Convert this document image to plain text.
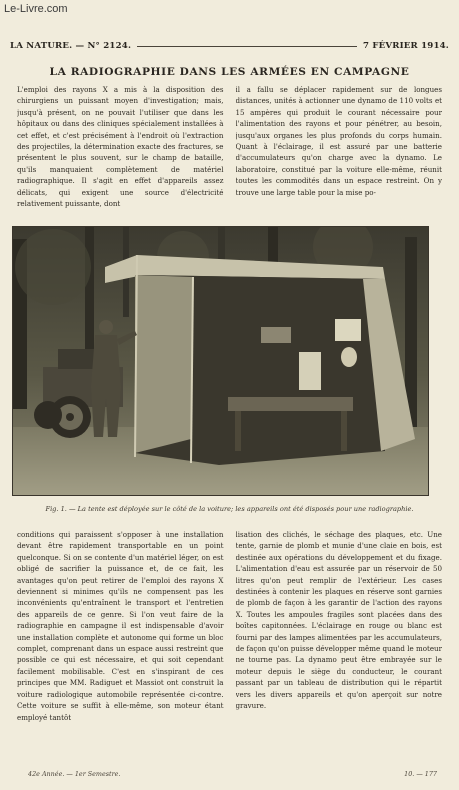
Le-Livre.com
LA NATURE. — N° 2124.	7 FÉVRIER 1914.
LA RADIOGRAPHIE DANS LES ARMÉES EN CAMPAGNE
L'emploi des rayons X a mis à la disposition des chirurgiens un puissant moyen d'investigation; mais, jusqu'à présent, on ne pouvait l'utiliser que dans les hôpitaux ou dans des cliniques spécialement installées à cet effet, et c'est précisément à l'endroit où l'extraction des projectiles, la détermination exacte des fractures, se présentent le plus souvent, sur le champ de bataille, qu'ils manquaient complètement de matériel radiographique. Il s'agit en effet d'appareils assez délicats, qui exigent une source d'électricité relativement puissante, dont
il a fallu se déplacer rapidement sur de longues distances, unités à actionner une dynamo de 110 volts et 15 ampères qui produit le courant nécessaire pour l'alimentation des rayons et pour pénétrer, au besoin, jusqu'aux organes les plus profonds du corps humain. Quant à l'éclairage, il est assuré par une batterie d'accumulateurs qu'on charge avec la dynamo. Le laboratoire, constitué par la voiture elle-même, réunit toutes les commodités dans un espace restreint. On y trouve une large table pour la mise po-
Fig. 1. — La tente est déployée sur le côté de la voiture; les appareils ont été disposés pour une radiographie.
conditions qui paraissent s'opposer à une installation devant être rapidement transportable en un point quelconque. Si on se contente d'un matériel léger, on est obligé de sacrifier la puissance et, de ce fait, les avantages qu'on peut retirer de l'emploi des rayons X deviennent si minimes qu'ils ne compensent pas les inconvénients qu'entraînent le transport et l'entretien des appareils de ce genre. Si l'on veut faire de la radiographie en campagne il est indispensable d'avoir une installation complète et autonome qui forme un bloc complet, comprenant dans un espace aussi restreint que possible ce qui est nécessaire, et qui soit cependant facilement mobilisable. C'est en s'inspirant de ces principes que MM. Radiguet et Massiot ont construit la voiture radiologique automobile représentée ci-contre. Cette voiture se suffit à elle-même, son moteur étant employé tantôt
lisation des clichés, le séchage des plaques, etc. Une tente, garnie de plomb et munie d'une claie en bois, est destinée aux opérations du développement et du fixage. L'alimentation d'eau est assurée par un réservoir de 50 litres qu'on peut remplir de l'extérieur. Les cases destinées à contenir les plaques en réserve sont garnies de plomb de façon à les garantir de l'action des rayons X. Toutes les ampoules fragiles sont placées dans des boîtes capitonnées. L'éclairage en rouge ou blanc est fourni par des lampes alimentées par les accumulateurs, de façon qu'on puisse développer même quand le moteur ne tourne pas. La dynamo peut être embrayée sur le moteur depuis le siège du conducteur, le courant passant par un tableau de distribution qui le répartit vers les divers appareils et qu'on aperçoit sur notre gravure.
42e Année. — 1er Semestre.	10. — 177
